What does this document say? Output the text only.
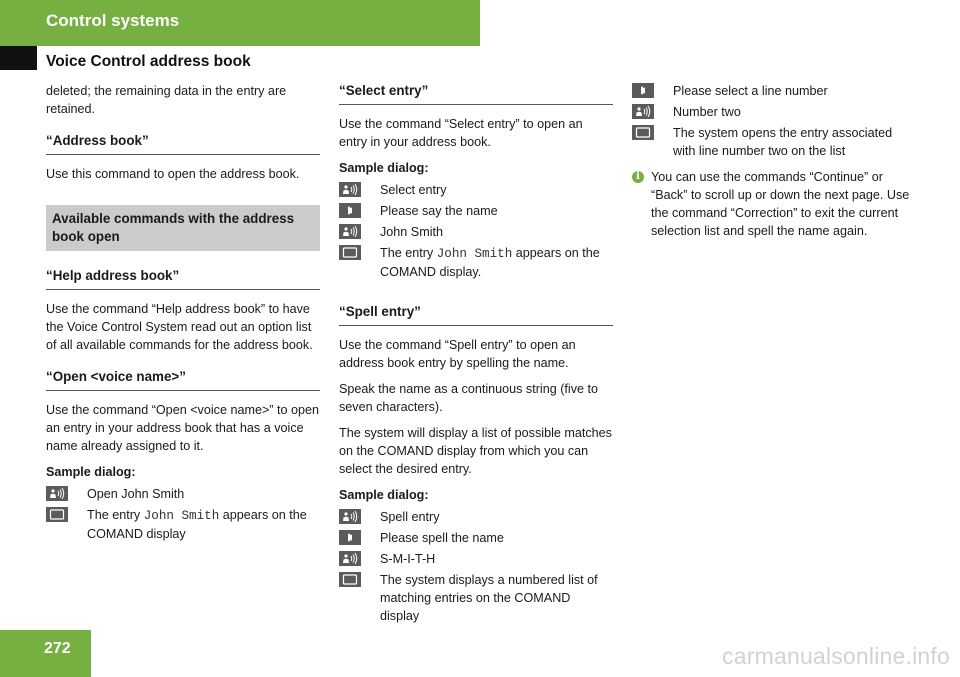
Control systems
Voice Control address book

deleted; the remaining data in the entry are retained.

“Address book”

Use this command to open the address book.

Available commands with the address book open
“Help address book”

Use the command “Help address book” to have the Voice Control System read out an option list of all available commands for the address book.

“Open <voice name>”

Use the command “Open <voice name>” to open an entry in your address book that has a voice name already assigned to it.

Sample dialog:
Open John Smith
The entry John Smith appears on the COMAND display
“Select entry”

Use the command “Select entry” to open an entry in your address book.

Sample dialog:
Select entry
Please say the name
John Smith
The entry John Smith appears on the COMAND display.
“Spell entry”

Use the command “Spell entry” to open an address book entry by spelling the name.

Speak the name as a continuous string (five to seven characters).

The system will display a list of possible matches on the COMAND display from which you can select the desired entry.

Sample dialog:
Spell entry
Please spell the name
S-M-I-T-H
The system displays a numbered list of matching entries on the COMAND display
Please select a line number
Number two
The system opens the entry associated with line number two on the list
i You can use the commands “Continue” or “Back” to scroll up or down the next page. Use the command “Correction” to exit the current selection list and spell the name again.
272	carmanualsonline.info
